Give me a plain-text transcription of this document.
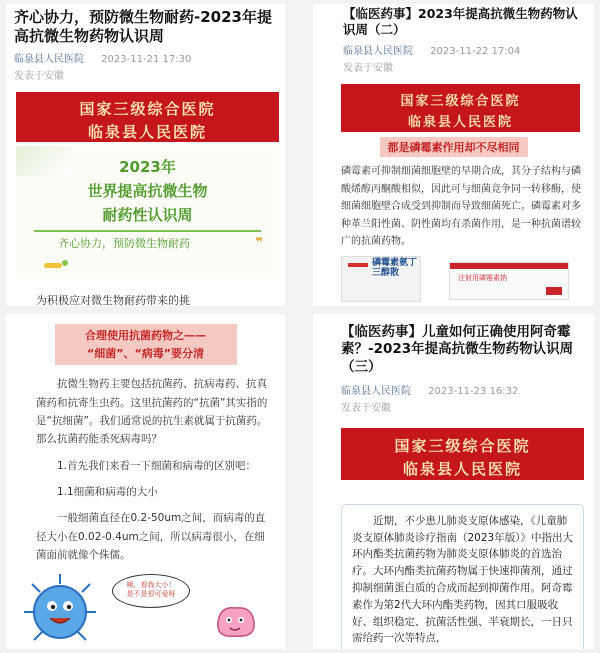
齐心协力，预防微生物耐药-2023年提高抗微生物药物认识周
临泉县人民医院 2023-11-21 17:30
发表于安徽
国家三级综合医院
临泉县人民医院
2023年
世界提高抗微生物
耐药性认识周
齐心协力，预防微生物耐药	❞
为积极应对微生物耐药带来的挑
【临医药事】2023年提高抗微生物药物认识周（二）
临泉县人民医院 2023-11-22 17:04
发表于安徽
国家三级综合医院
临泉县人民医院
都是磷霉素作用却不尽相同
磷霉素可抑制细菌细胞壁的早期合成，其分子结构与磷酸烯醇丙酮酸相似，因此可与细菌竞争同一转移酶，使细菌细胞壁合成受到抑制而导致细菌死亡。磷霉素对多种革兰阳性菌、阴性菌均有杀菌作用，是一种抗菌谱较广的抗菌药物。
磷霉素氨丁三醇散
注射用磷霉素钠
合理使用抗菌药物之——
“细菌”、“病毒”要分清
抗微生物药主要包括抗菌药、抗病毒药、抗真菌药和抗寄生虫药。这里抗菌药的“抗菌”其实指的是“抗细菌”。我们通常说的抗生素就属于抗菌药。那么抗菌药能杀死病毒吗？
1.首先我们来看一下细菌和病毒的区别吧：
1.1细菌和病毒的大小
一般细菌直径在0.2-50um之间，而病毒的直径大小在0.02-0.4um之间，所以病毒很小，在细菌面前就像个侏儒。
咦，看我大小！
是不是很可爱呀
【临医药事】儿童如何正确使用阿奇霉素？-2023年提高抗微生物药物认识周（三）
临泉县人民医院 2023-11-23 16:32
发表于安徽
国家三级综合医院
临泉县人民医院
近期，不少患儿肺炎支原体感染，《儿童肺炎支原体肺炎诊疗指南（2023年版）》中指出大环内酯类抗菌药物为肺炎支原体肺炎的首选治疗。大环内酯类抗菌药物属于快速抑菌剂，通过抑制细菌蛋白质的合成而起到抑菌作用。阿奇霉素作为第2代大环内酯类药物，因其口服吸收好、组织稳定、抗菌活性强、半衰期长，一日只需给药一次等特点，
